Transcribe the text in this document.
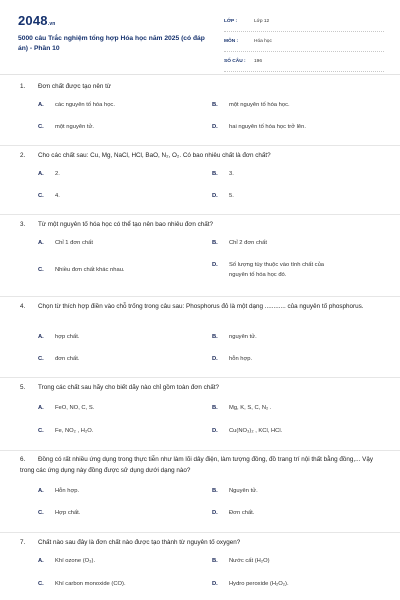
2048.vn
5000 câu Trắc nghiệm tổng hợp Hóa học năm 2025 (có đáp án) - Phần 10
LỚP :	Lớp 12
MÔN :	Hóa học
SỐ CÂU :	196
1. Đơn chất được tạo nên từ
A.	các nguyên tố hóa học.	B.	một nguyên tố hóa học.
C.	một nguyên tử.	D.	hai nguyên tố hóa học trở lên.
2. Cho các chất sau: Cu, Mg, NaCl, HCl, BaO, N₂, O₂. Có bao nhiêu chất là đơn chất?
A.	2.	B.	3.
C.	4.	D.	5.
3. Từ một nguyên tố hóa học có thể tạo nên bao nhiêu đơn chất?
A.	Chỉ 1 đơn chất	B.	Chỉ 2 đơn chất
C.	Nhiều đơn chất khác nhau.
D.	Số lượng tùy thuộc vào tính chất của nguyên tố hóa học đó.
4. Chọn từ thích hợp điền vào chỗ trống trong câu sau: Phosphorus đỏ là một dạng ............ của nguyên tố phosphorus.
A.	hợp chất.	B.	nguyên tử.
C.	đơn chất.	D.	hỗn hợp.
5. Trong các chất sau hãy cho biết dãy nào chỉ gồm toàn đơn chất?
A.	FeO, NO, C, S.	B.	Mg, K, S, C, N₂ .
C.	Fe, NO₂ , H₂O.	D.	Cu(NO₃)₂ , KCl, HCl.
6. Đồng có rất nhiều ứng dụng trong thực tiễn như làm lõi dây điện, làm tượng đồng, đồ trang trí nội thất bằng đồng,... Vậy trong các ứng dụng này đồng được sử dụng dưới dạng nào?
A.	Hỗn hợp.	B.	Nguyên tử.
C.	Hợp chất.	D.	Đơn chất.
7. Chất nào sau đây là đơn chất nào được tạo thành từ nguyên tố oxygen?
A.	Khí ozone (O₃).	B.	Nước cất (H₂O)
C.	Khí carbon monoxide (CO).	D.	Hydro peroxide (H₂O₂).
